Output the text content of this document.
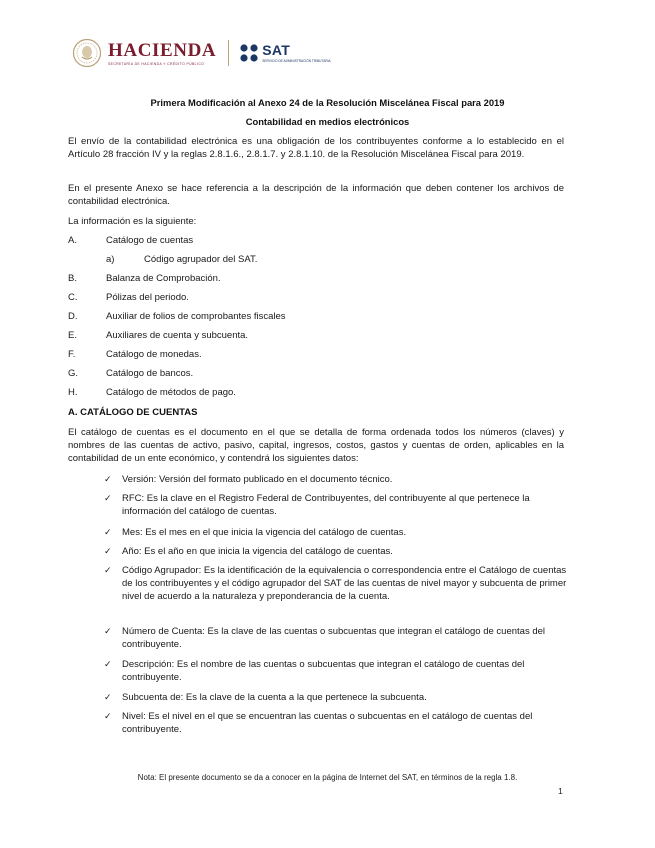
HACIENDA
SECRETARÍA DE HACIENDA Y CRÉDITO PÚBLICO
SAT
SERVICIO DE ADMINISTRACIÓN TRIBUTARIA
Primera Modificación al Anexo 24 de la Resolución Miscelánea Fiscal para 2019
Contabilidad en medios electrónicos
El envío de la contabilidad electrónica es una obligación de los contribuyentes conforme a lo establecido en el Artículo 28 fracción IV y la reglas 2.8.1.6., 2.8.1.7. y 2.8.1.10. de la Resolución Miscelánea Fiscal para 2019.
En el presente Anexo se hace referencia a la descripción de la información que deben contener los archivos de contabilidad electrónica.
La información es la siguiente:
A.	Catálogo de cuentas
a)	Código agrupador del SAT.
B.	Balanza de Comprobación.
C.	Pólizas del periodo.
D.	Auxiliar de folios de comprobantes fiscales
E.	Auxiliares de cuenta y subcuenta.
F.	Catálogo de monedas.
G.	Catálogo de bancos.
H.	Catálogo de métodos de pago.
A. CATÁLOGO DE CUENTAS
El catálogo de cuentas es el documento en el que se detalla de forma ordenada todos los números (claves) y nombres de las cuentas de activo, pasivo, capital, ingresos, costos, gastos y cuentas de orden, aplicables en la contabilidad de un ente económico, y contendrá los siguientes datos:
✓ Versión: Versión del formato publicado en el documento técnico.
✓ RFC: Es la clave en el Registro Federal de Contribuyentes, del contribuyente al que pertenece la información del catálogo de cuentas.
✓ Mes: Es el mes en el que inicia la vigencia del catálogo de cuentas.
✓ Año: Es el año en que inicia la vigencia del catálogo de cuentas.
✓ Código Agrupador: Es la identificación de la equivalencia o correspondencia entre el Catálogo de cuentas de los contribuyentes y el código agrupador del SAT de las cuentas de nivel mayor y subcuenta de primer nivel de acuerdo a la naturaleza y preponderancia de la cuenta.
✓ Número de Cuenta: Es la clave de las cuentas o subcuentas que integran el catálogo de cuentas del contribuyente.
✓ Descripción: Es el nombre de las cuentas o subcuentas que integran el catálogo de cuentas del contribuyente.
✓ Subcuenta de: Es la clave de la cuenta a la que pertenece la subcuenta.
✓ Nivel: Es el nivel en el que se encuentran las cuentas o subcuentas en el catálogo de cuentas del contribuyente.
Nota: El presente documento se da a conocer en la página de Internet del SAT, en términos de la regla 1.8.
1
